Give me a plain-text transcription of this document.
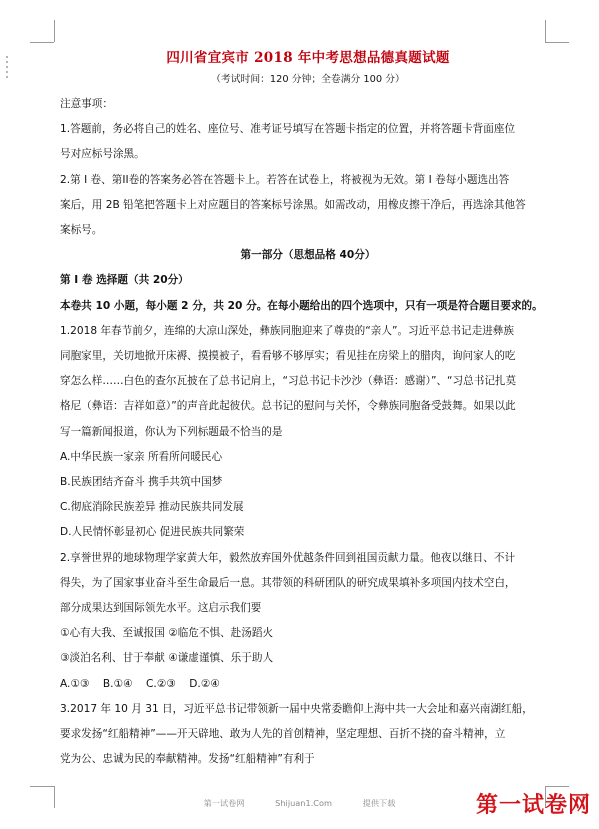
四川省宜宾市 2018 年中考思想品德真题试题
（考试时间：120 分钟；全卷满分 100 分）
注意事项：
1.答题前，务必将自己的姓名、座位号、准考证号填写在答题卡指定的位置，并将答题卡背面座位
号对应标号涂黑。
2.第 I 卷、第II卷的答案务必答在答题卡上。若答在试卷上，将被视为无效。第 I 卷每小题选出答
案后，用 2B 铅笔把答题卡上对应题目的答案标号涂黑。如需改动，用橡皮擦干净后，再选涂其他答
案标号。
第一部分（思想品格 40分）
第 I 卷 选择题（共 20分）
本卷共 10 小题，每小题 2 分，共 20 分。在每小题给出的四个选项中，只有一项是符合题目要求的。
1.2018 年春节前夕，连绵的大凉山深处，彝族同胞迎来了尊贵的“亲人”。习近平总书记走进彝族
同胞家里，关切地掀开床褥、摸摸被子，看看够不够厚实；看见挂在房梁上的腊肉，询问家人的吃
穿怎么样……白色的查尔瓦披在了总书记肩上，“习总书记卡沙沙（彝语：感谢）”、“习总书记扎莫
格尼（彝语：吉祥如意）”的声音此起彼伏。总书记的慰问与关怀，令彝族同胞备受鼓舞。如果以此
写一篇新闻报道，你认为下列标题最不恰当的是
A.中华民族一家亲 所看所问暖民心
B.民族团结齐奋斗 携手共筑中国梦
C.彻底消除民族差异 推动民族共同发展
D.人民情怀彰显初心 促进民族共同繁荣
2.享誉世界的地球物理学家黄大年，毅然放弃国外优越条件回到祖国贡献力量。他夜以继日、不计
得失，为了国家事业奋斗至生命最后一息。其带领的科研团队的研究成果填补多项国内技术空白，
部分成果达到国际领先水平。这启示我们要
①心有大我、至诚报国 ②临危不惧、赴汤蹈火
③淡泊名利、甘于奉献 ④谦虚谨慎、乐于助人
A.①③    B.①④    C.②③    D.②④
3.2017 年 10 月 31 日，习近平总书记带领新一届中央常委瞻仰上海中共一大会址和嘉兴南湖红船，
要求发扬“红船精神”——开天辟地、敢为人先的首创精神，坚定理想、百折不挠的奋斗精神，立
党为公、忠诚为民的奉献精神。发扬“红船精神”有利于
第一试卷网	Shijuan1.Com	提供下载	第一试卷网
